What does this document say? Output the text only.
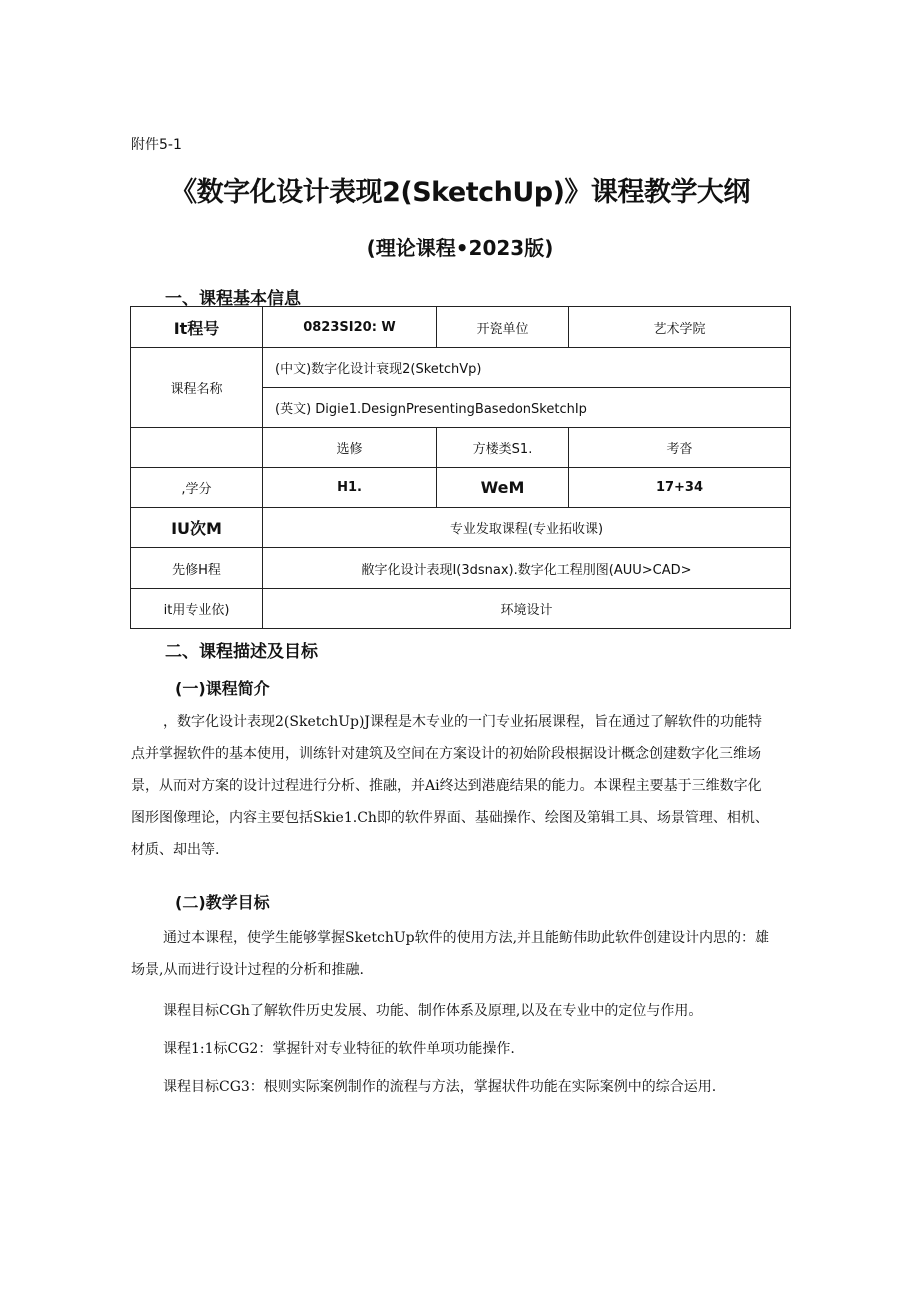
附件5-1
《数字化设计表现2(SketchUp)》课程教学大纲
(理论课程•2023版)
一、课程基本信息
It程号	0823SI20: W	开瓷单位	艺术学院
课程名称	(中文)数字化设计衰现2(SketchVp)		
	(英文) Digie1.DesignPresentingBasedonSketchIp		
	选修	方楼类S1.	考沓
,学分	H1.	WeM	17+34
IU次M	专业发取课程(专业拓收课)		
先修H程	敝字化设计表现I(3dsnax).数字化工程刖图(AUU>CAD>		
it用专业依)	环境设计		
二、课程描述及目标
(一)课程简介
，数字化设计表现2(SketchUp)J课程是木专业的一门专业拓展课程，旨在通过了解软件的功能特
点并掌握软件的基本使用，训练针对建筑及空间在方案设计的初始阶段根据设计概念创建数字化三维场
景，从而对方案的设计过程进行分析、推融，并Ai终达到港鹿结果的能力。本课程主要基于三维数字化
图形图像理论，内容主要包括Skie1.Ch即的软件界面、基础操作、绘图及第辑工具、场景管理、相机、
材质、却出等.
(二)教学目标
通过本课程，使学生能够掌握SketchUp软件的使用方法,并且能鲂伟助此软件创建设计内思的：雄
场景,从而进行设计过程的分析和推融.
课程目标CGh了解软件历史发展、功能、制作体系及原理,以及在专业中的定位与作用。
课程1:1标CG2：掌握针对专业特征的软件单项功能操作.
课程目标CG3：根则实际案例制作的流程与方法，掌握状件功能在实际案例中的综合运用.
